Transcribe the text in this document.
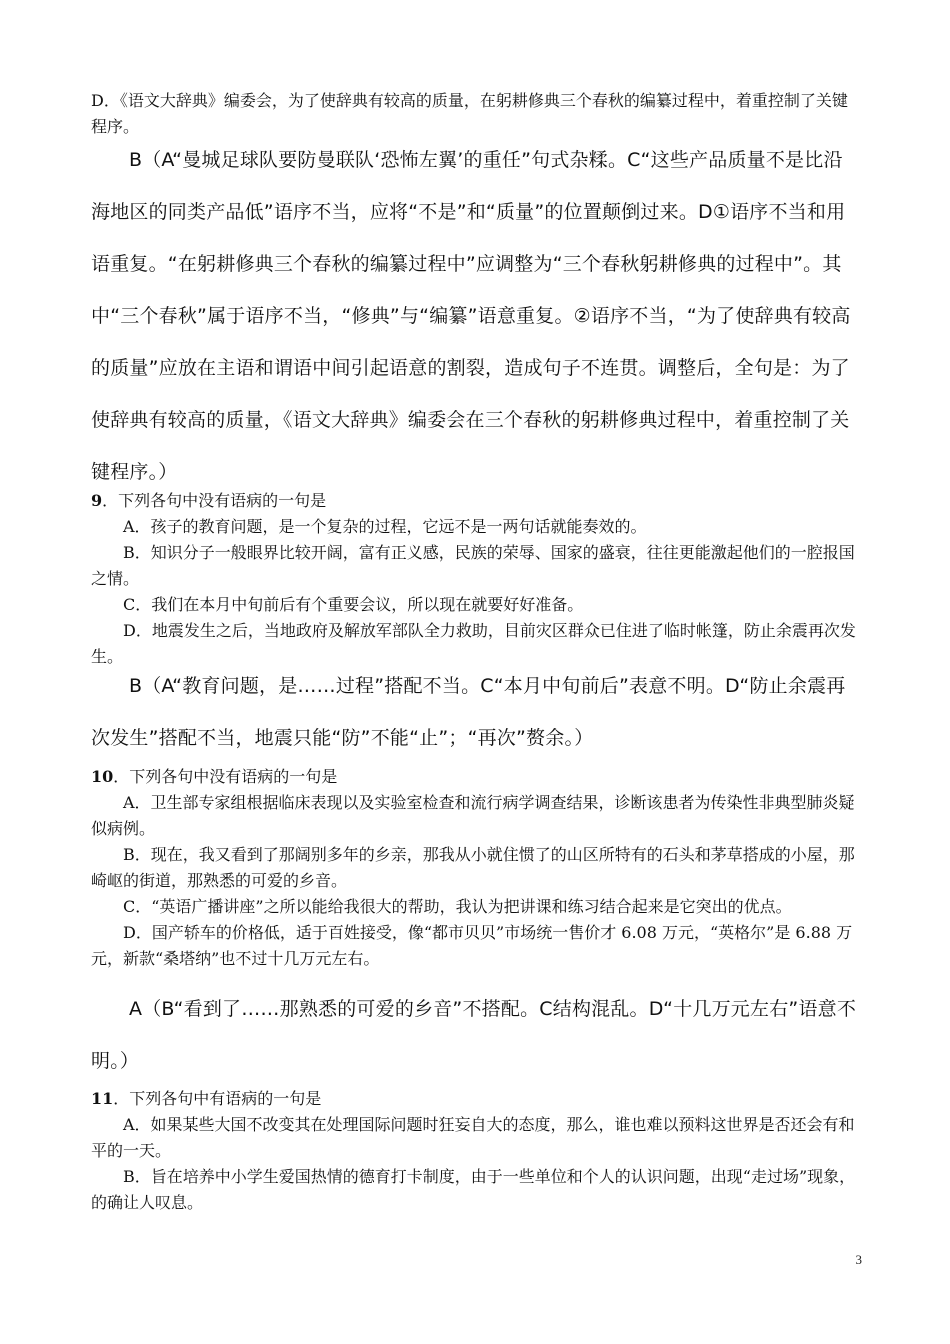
D．《语文大辞典》编委会，为了使辞典有较高的质量，在躬耕修典三个春秋的编纂过程中，着重控制了关键程序。

B（A“曼城足球队要防曼联队‘恐怖左翼’的重任”句式杂糅。C“这些产品质量不是比沿海地区的同类产品低”语序不当，应将“不是”和“质量”的位置颠倒过来。D①语序不当和用语重复。“在躬耕修典三个春秋的编纂过程中”应调整为“三个春秋躬耕修典的过程中”。其中“三个春秋”属于语序不当，“修典”与“编纂”语意重复。②语序不当，“为了使辞典有较高的质量”应放在主语和谓语中间引起语意的割裂，造成句子不连贯。调整后，全句是：为了使辞典有较高的质量，《语文大辞典》编委会在三个春秋的躬耕修典过程中，着重控制了关键程序。）

9．下列各句中没有语病的一句是

A．孩子的教育问题，是一个复杂的过程，它远不是一两句话就能奏效的。

B．知识分子一般眼界比较开阔，富有正义感，民族的荣辱、国家的盛衰，往往更能激起他们的一腔报国之情。

C．我们在本月中旬前后有个重要会议，所以现在就要好好准备。

D．地震发生之后，当地政府及解放军部队全力救助，目前灾区群众已住进了临时帐篷，防止余震再次发生。

B（A“教育问题，是……过程”搭配不当。C“本月中旬前后”表意不明。D“防止余震再次发生”搭配不当，地震只能“防”不能“止”；“再次”赘余。）

10．下列各句中没有语病的一句是

A．卫生部专家组根据临床表现以及实验室检查和流行病学调查结果，诊断该患者为传染性非典型肺炎疑似病例。

B．现在，我又看到了那阔别多年的乡亲，那我从小就住惯了的山区所特有的石头和茅草搭成的小屋，那崎岖的街道，那熟悉的可爱的乡音。

C．“英语广播讲座”之所以能给我很大的帮助，我认为把讲课和练习结合起来是它突出的优点。

D．国产轿车的价格低，适于百姓接受，像“都市贝贝”市场统一售价才 6.08 万元，“英格尔”是 6.88 万元，新款“桑塔纳”也不过十几万元左右。

A（B“看到了……那熟悉的可爱的乡音”不搭配。C结构混乱。D“十几万元左右”语意不明。）

11．下列各句中有语病的一句是

A．如果某些大国不改变其在处理国际问题时狂妄自大的态度，那么，谁也难以预料这世界是否还会有和平的一天。

B．旨在培养中小学生爱国热情的德育打卡制度，由于一些单位和个人的认识问题，出现“走过场”现象，的确让人叹息。

3
